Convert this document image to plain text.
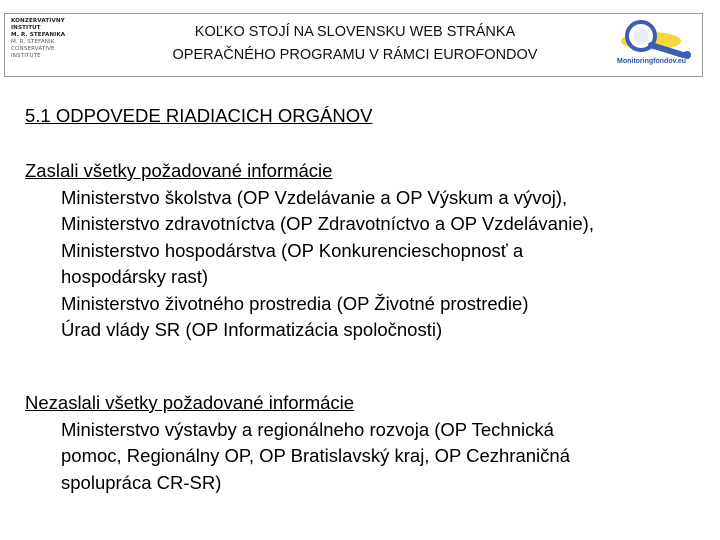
KONZERVATÍVNY
INŠTITÚT
M. R. ŠTEFÁNIKA
M. R. ŠTEFÁNIK
CONSERVATIVE
INSTITUTE
KOĽKO STOJÍ NA SLOVENSKU WEB STRÁNKA
OPERAČNÉHO PROGRAMU V RÁMCI EUROFONDOV	Monitoringfondov.eu
5.1 ODPOVEDE RIADIACICH ORGÁNOV
Zaslali všetky požadované informácie
Ministerstvo školstva (OP Vzdelávanie a OP Výskum a vývoj),
Ministerstvo zdravotníctva (OP Zdravotníctvo a OP Vzdelávanie),
Ministerstvo hospodárstva (OP Konkurencieschopnosť a
hospodársky rast)
Ministerstvo životného prostredia (OP Životné prostredie)
Úrad vlády SR (OP Informatizácia spoločnosti)
Nezaslali všetky požadované informácie
Ministerstvo výstavby a regionálneho rozvoja (OP Technická
pomoc, Regionálny OP, OP Bratislavský kraj, OP Cezhraničná
spolupráca CR-SR)
